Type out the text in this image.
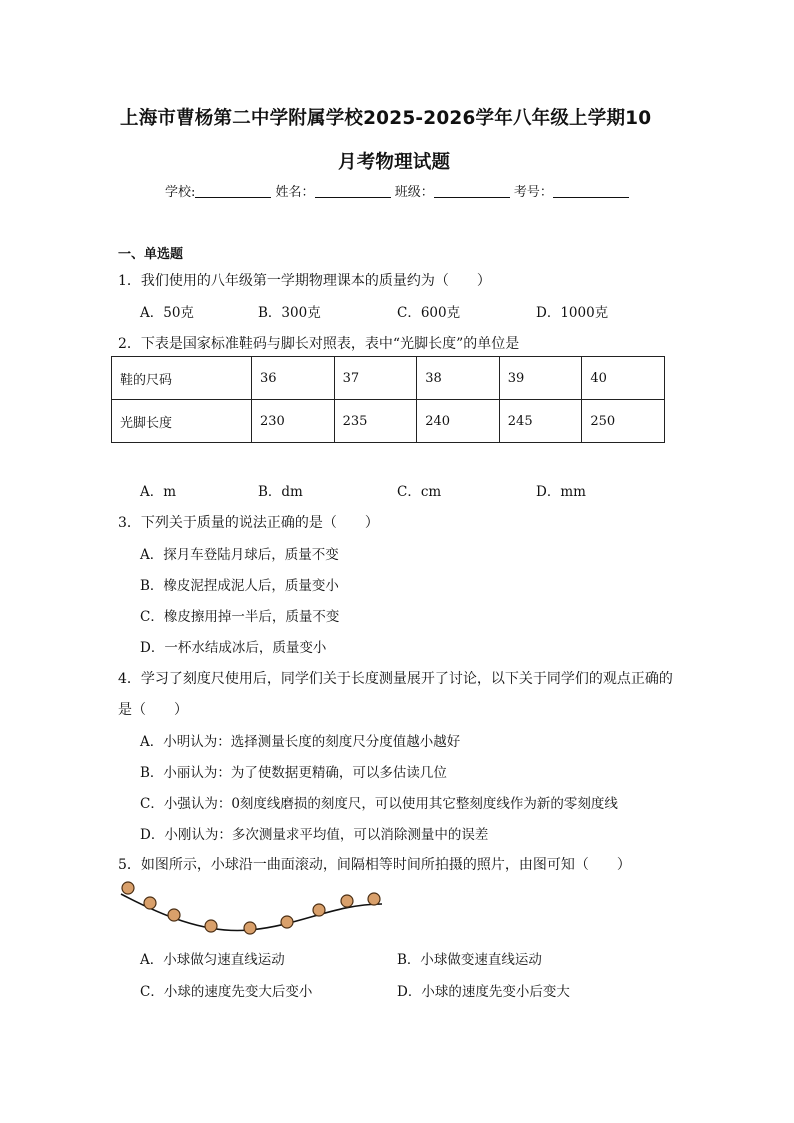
上海市曹杨第二中学附属学校2025-2026学年八年级上学期10
月考物理试题
学校:	姓名：	班级：	考号：
一、单选题
1．我们使用的八年级第一学期物理课本的质量约为（　　）
A．50克	B．300克	C．600克	D．1000克
2．下表是国家标准鞋码与脚长对照表，表中“光脚长度”的单位是
鞋的尺码	36	37	38	39	40
光脚长度	230	235	240	245	250
A．m	B．dm	C．cm	D．mm
3．下列关于质量的说法正确的是（　　）
A．探月车登陆月球后，质量不变
B．橡皮泥捏成泥人后，质量变小
C．橡皮擦用掉一半后，质量不变
D．一杯水结成冰后，质量变小
4．学习了刻度尺使用后，同学们关于长度测量展开了讨论，以下关于同学们的观点正确的
是（　　）
A．小明认为：选择测量长度的刻度尺分度值越小越好
B．小丽认为：为了使数据更精确，可以多估读几位
C．小强认为：0刻度线磨损的刻度尺，可以使用其它整刻度线作为新的零刻度线
D．小刚认为：多次测量求平均值，可以消除测量中的误差
5．如图所示，小球沿一曲面滚动，间隔相等时间所拍摄的照片，由图可知（　　）
A．小球做匀速直线运动	B．小球做变速直线运动
C．小球的速度先变大后变小	D．小球的速度先变小后变大
